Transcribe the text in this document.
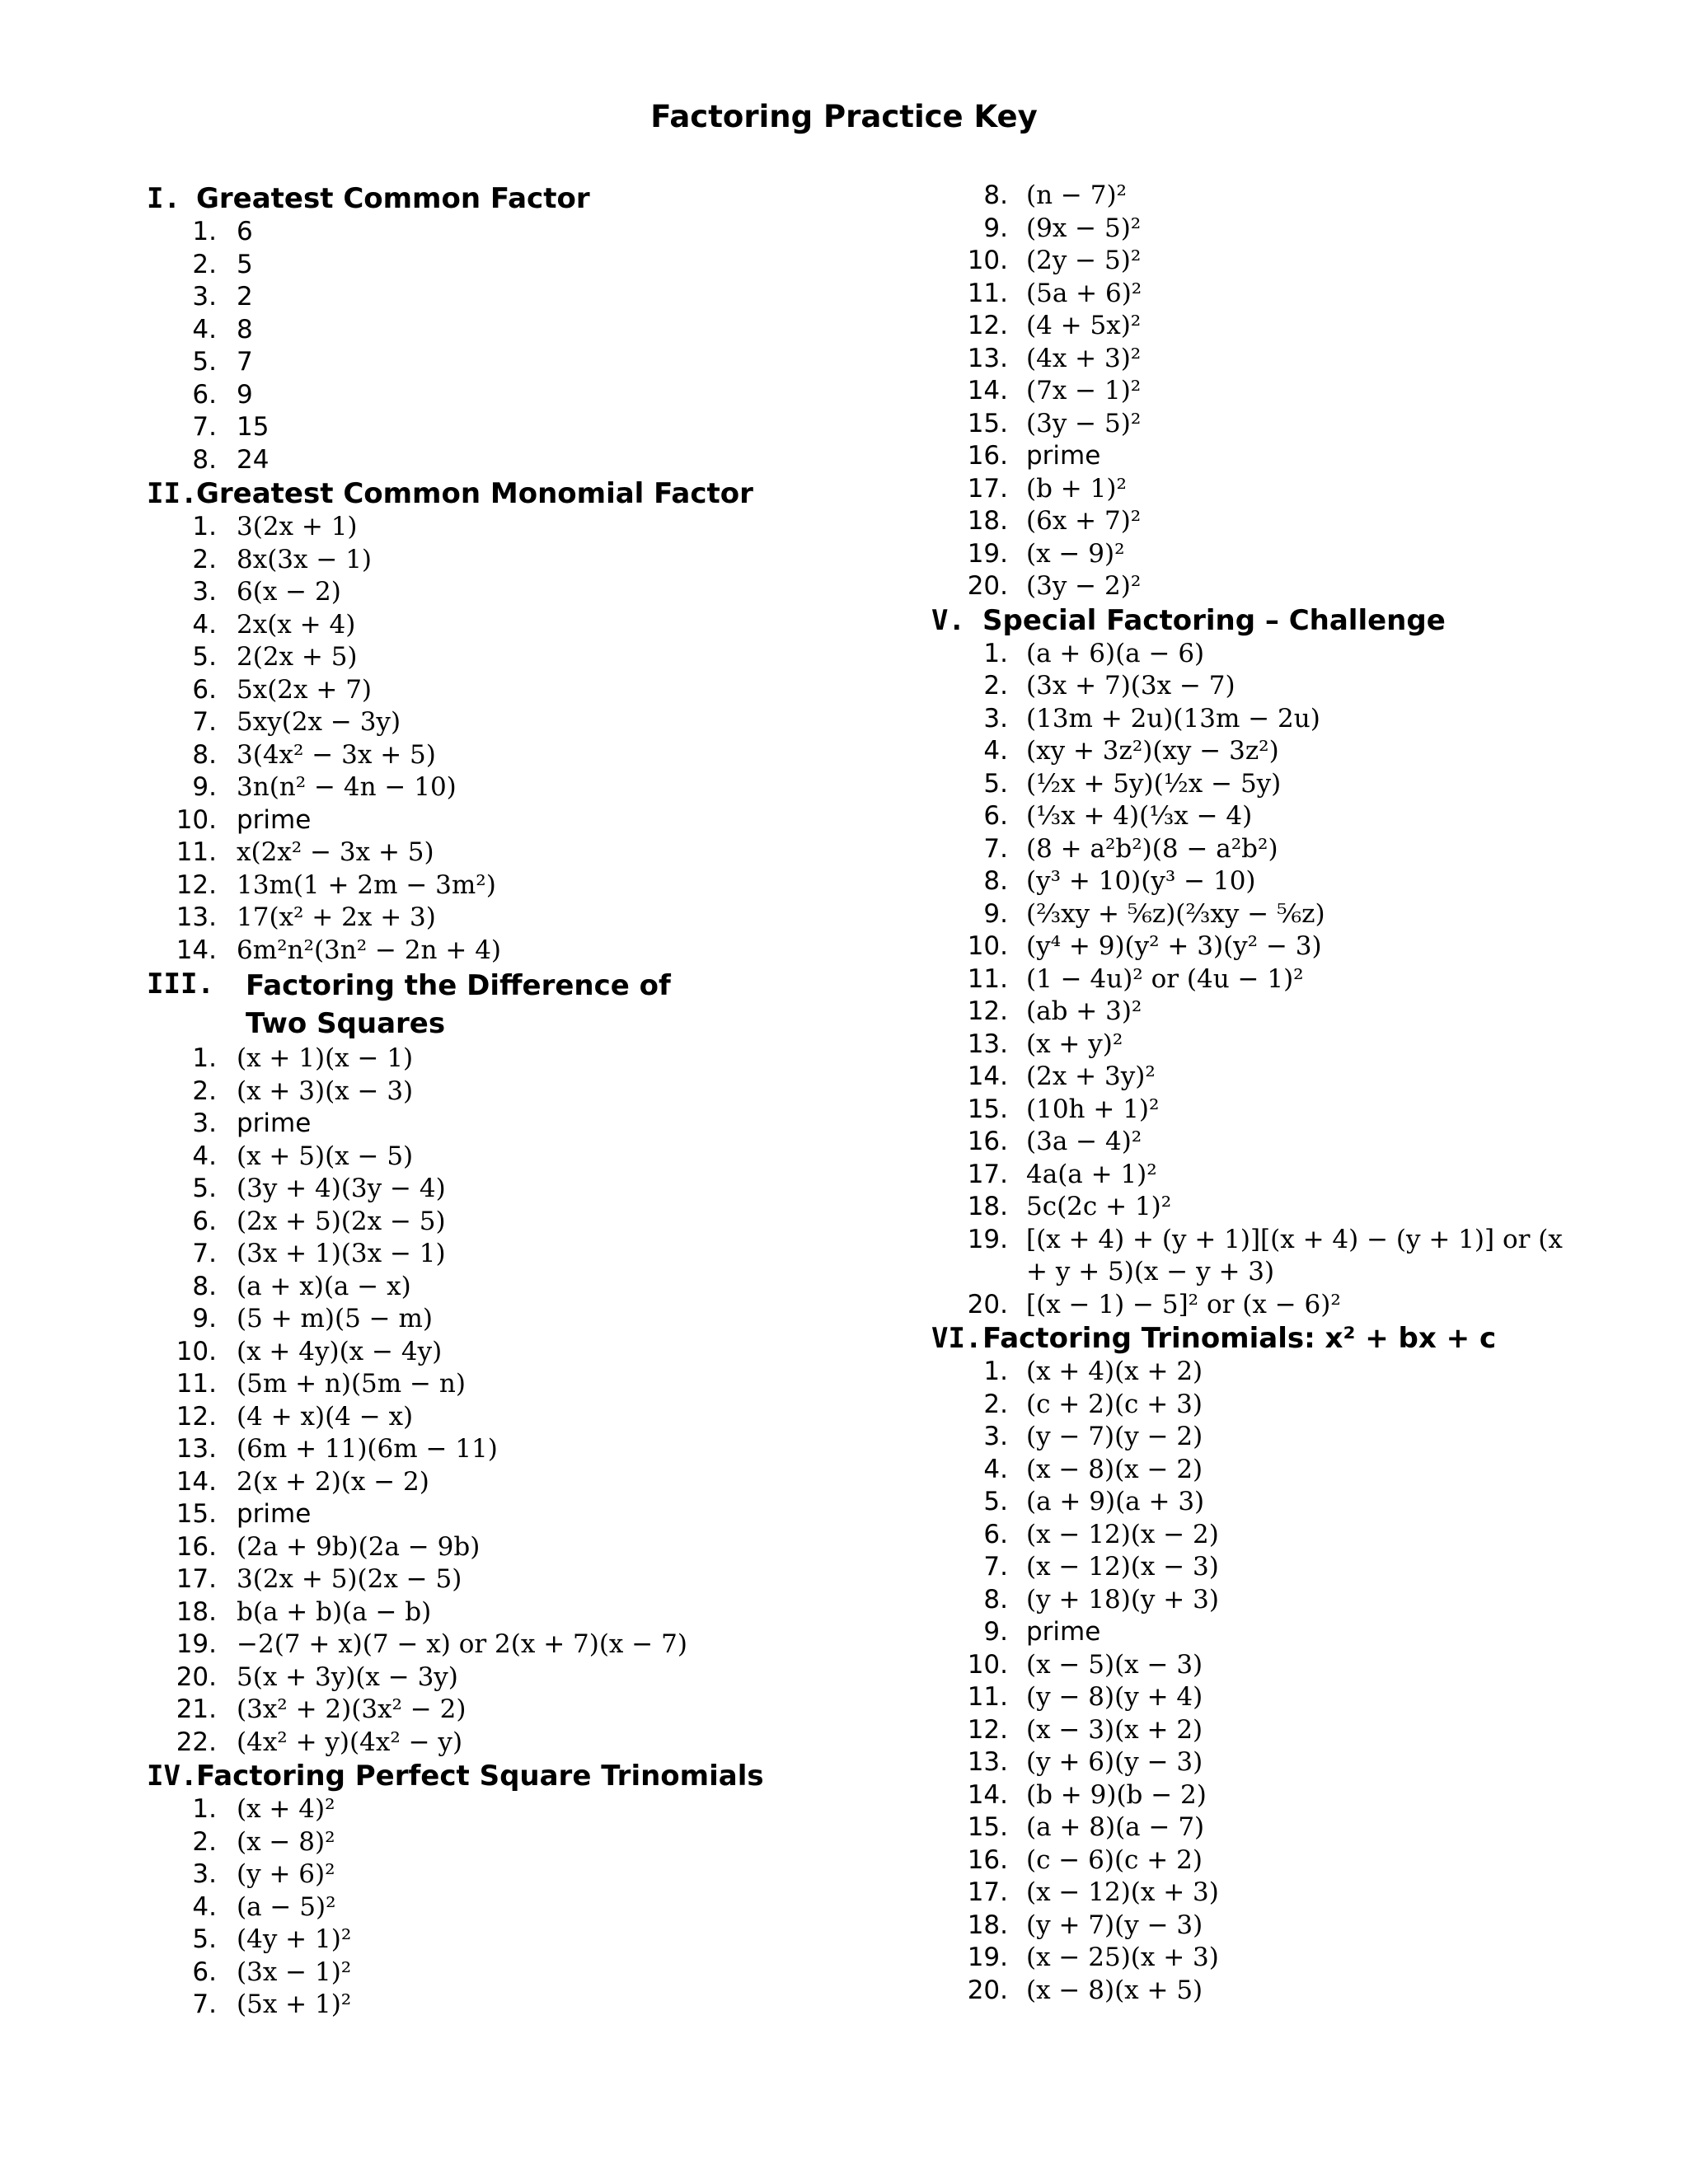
Factoring Practice Key
I. Greatest Common Factor
1. 6
2. 5
3. 2
4. 8
5. 7
6. 9
7. 15
8. 24
II.
Greatest Common Monomial Factor
1. 3(2x + 1)
2. 8x(3x − 1)
3. 6(x − 2)
4. 2x(x + 4)
5. 2(2x + 5)
6. 5x(2x + 7)
7. 5xy(2x − 3y)
8. 3(4x² − 3x + 5)
9. 3n(n² − 4n − 10)
10. prime
11. x(2x² − 3x + 5)
12. 13m(1 + 2m − 3m²)
13. 17(x² + 2x + 3)
14. 6m²n²(3n² − 2n + 4)
III.	Factoring the Difference of Two Squares
1. (x + 1)(x − 1)
2. (x + 3)(x − 3)
3. prime
4. (x + 5)(x − 5)
5. (3y + 4)(3y − 4)
6. (2x + 5)(2x − 5)
7. (3x + 1)(3x − 1)
8. (a + x)(a − x)
9. (5 + m)(5 − m)
10. (x + 4y)(x − 4y)
11. (5m + n)(5m − n)
12. (4 + x)(4 − x)
13. (6m + 11)(6m − 11)
14. 2(x + 2)(x − 2)
15. prime
16. (2a + 9b)(2a − 9b)
17. 3(2x + 5)(2x − 5)
18. b(a + b)(a − b)
19. −2(7 + x)(7 − x) or 2(x + 7)(x − 7)
20. 5(x + 3y)(x − 3y)
21. (3x² + 2)(3x² − 2)
22. (4x² + y)(4x² − y)
IV.
Factoring Perfect Square Trinomials
1. (x + 4)²
2. (x − 8)²
3. (y + 6)²
4. (a − 5)²
5. (4y + 1)²
6. (3x − 1)²
7. (5x + 1)²
8. (n − 7)²
9. (9x − 5)²
10. (2y − 5)²
11. (5a + 6)²
12. (4 + 5x)²
13. (4x + 3)²
14. (7x − 1)²
15. (3y − 5)²
16. prime
17. (b + 1)²
18. (6x + 7)²
19. (x − 9)²
20. (3y − 2)²
V. Special Factoring – Challenge
1. (a + 6)(a − 6)
2. (3x + 7)(3x − 7)
3. (13m + 2u)(13m − 2u)
4. (xy + 3z²)(xy − 3z²)
5. (½x + 5y)(½x − 5y)
6. (⅓x + 4)(⅓x − 4)
7. (8 + a²b²)(8 − a²b²)
8. (y³ + 10)(y³ − 10)
9. (⅔xy + ⅚z)(⅔xy − ⅚z)
10. (y⁴ + 9)(y² + 3)(y² − 3)
11. (1 − 4u)² or (4u − 1)²
12. (ab + 3)²
13. (x + y)²
14. (2x + 3y)²
15. (10h + 1)²
16. (3a − 4)²
17. 4a(a + 1)²
18. 5c(2c + 1)²
19. [(x + 4) + (y + 1)][(x + 4) − (y + 1)] or (x + y + 5)(x − y + 3)
20. [(x − 1) − 5]² or (x − 6)²
VI. Factoring Trinomials: x² + bx + c
1. (x + 4)(x + 2)
2. (c + 2)(c + 3)
3. (y − 7)(y − 2)
4. (x − 8)(x − 2)
5. (a + 9)(a + 3)
6. (x − 12)(x − 2)
7. (x − 12)(x − 3)
8. (y + 18)(y + 3)
9. prime
10. (x − 5)(x − 3)
11. (y − 8)(y + 4)
12. (x − 3)(x + 2)
13. (y + 6)(y − 3)
14. (b + 9)(b − 2)
15. (a + 8)(a − 7)
16. (c − 6)(c + 2)
17. (x − 12)(x + 3)
18. (y + 7)(y − 3)
19. (x − 25)(x + 3)
20. (x − 8)(x + 5)
